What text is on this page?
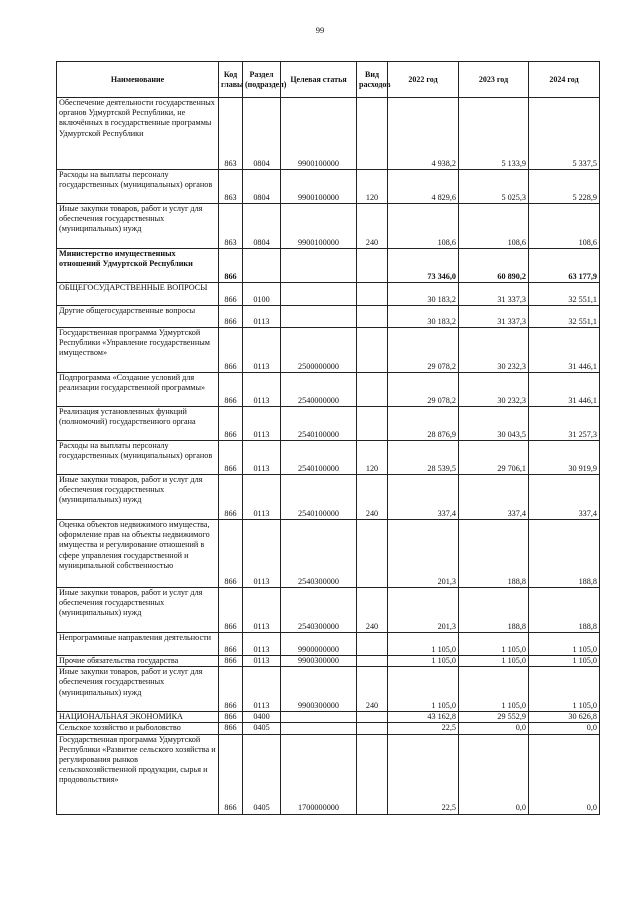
99
Наименование	Код главы	Раздел (подраздел)	Целевая статья	Вид расходов	2022 год	2023 год	2024 год
Обеспечение деятельности государственных органов Удмуртской Республики, не включённых в государственные программы Удмуртской Республики	863	0804	9900100000		4 938,2	5 133,9	5 337,5
Расходы на выплаты персоналу государственных (муниципальных) органов	863	0804	9900100000	120	4 829,6	5 025,3	5 228,9
Иные закупки товаров, работ и услуг для обеспечения государственных (муниципальных) нужд	863	0804	9900100000	240	108,6	108,6	108,6
Министерство имущественных отношений Удмуртской Республики	866				73 346,0	60 890,2	63 177,9
ОБЩЕГОСУДАРСТВЕННЫЕ ВОПРОСЫ	866	0100			30 183,2	31 337,3	32 551,1
Другие общегосударственные вопросы	866	0113			30 183,2	31 337,3	32 551,1
Государственная программа Удмуртской Республики «Управление государственным имуществом»	866	0113	2500000000		29 078,2	30 232,3	31 446,1
Подпрограмма «Создание условий для реализации государственной программы»	866	0113	2540000000		29 078,2	30 232,3	31 446,1
Реализация установленных функций (полномочий) государственного органа	866	0113	2540100000		28 876,9	30 043,5	31 257,3
Расходы на выплаты персоналу государственных (муниципальных) органов	866	0113	2540100000	120	28 539,5	29 706,1	30 919,9
Иные закупки товаров, работ и услуг для обеспечения государственных (муниципальных) нужд	866	0113	2540100000	240	337,4	337,4	337,4
Оценка объектов недвижимого имущества, оформление прав на объекты недвижимого имущества и регулирование отношений в сфере управления государственной и муниципальной собственностью	866	0113	2540300000		201,3	188,8	188,8
Иные закупки товаров, работ и услуг для обеспечения государственных (муниципальных) нужд	866	0113	2540300000	240	201,3	188,8	188,8
Непрограммные направления деятельности	866	0113	9900000000		1 105,0	1 105,0	1 105,0
Прочие обязательства государства	866	0113	9900300000		1 105,0	1 105,0	1 105,0
Иные закупки товаров, работ и услуг для обеспечения государственных (муниципальных) нужд	866	0113	9900300000	240	1 105,0	1 105,0	1 105,0
НАЦИОНАЛЬНАЯ ЭКОНОМИКА	866	0400			43 162,8	29 552,9	30 626,8
Сельское хозяйство и рыболовство	866	0405			22,5	0,0	0,0
Государственная программа Удмуртской Республики «Развитие сельского хозяйства и регулирования рынков сельскохозяйственной продукции, сырья и продовольствия»	866	0405	1700000000		22,5	0,0	0,0
